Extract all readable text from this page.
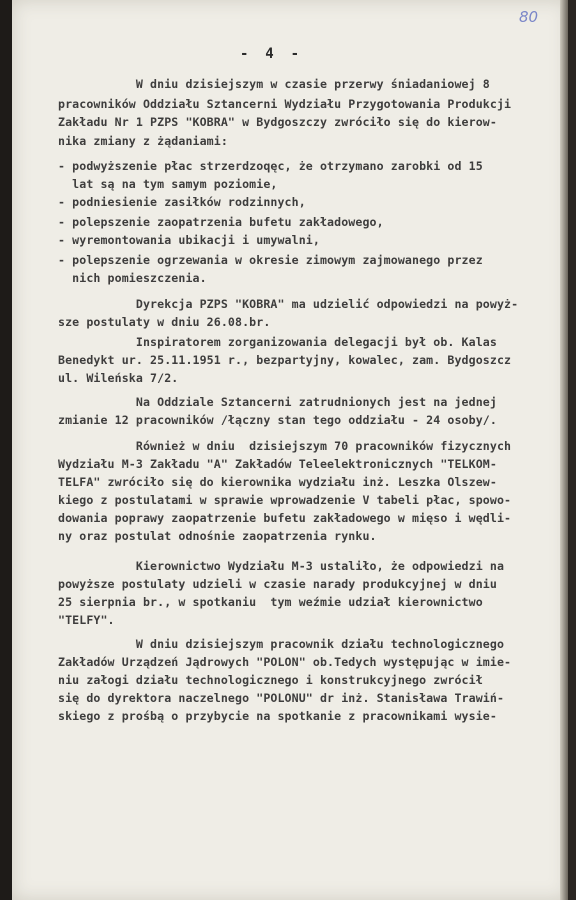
80
-  4  -
W dniu dzisiejszym w czasie przerwy śniadaniowej 8
pracowników Oddziału Sztancerni Wydziału Przygotowania Produkcji
Zakładu Nr 1 PZPS "KOBRA" w Bydgoszczy zwróciło się do kierow-
nika zmiany z żądaniami:
- podwyższenie płac strzerdzoqęc, że otrzymano zarobki od 15
lat są na tym samym poziomie,
- podniesienie zasiłków rodzinnych,
- polepszenie zaopatrzenia bufetu zakładowego,
- wyremontowania ubikacji i umywalni,
- polepszenie ogrzewania w okresie zimowym zajmowanego przez
nich pomieszczenia.
Dyrekcja PZPS "KOBRA" ma udzielić odpowiedzi na powyż-
sze postulaty w dniu 26.08.br.
Inspiratorem zorganizowania delegacji był ob. Kalas
Benedykt ur. 25.11.1951 r., bezpartyjny, kowalec, zam. Bydgoszcz
ul. Wileńska 7/2.
Na Oddziale Sztancerni zatrudnionych jest na jednej
zmianie 12 pracowników /łączny stan tego oddziału - 24 osoby/.
Również w dniu  dzisiejszym 70 pracowników fizycznych
Wydziału M-3 Zakładu "A" Zakładów Teleelektronicznych "TELKOM-
TELFA" zwróciło się do kierownika wydziału inż. Leszka Olszew-
kiego z postulatami w sprawie wprowadzenie V tabeli płac, spowo-
dowania poprawy zaopatrzenie bufetu zakładowego w mięso i wędli-
ny oraz postulat odnośnie zaopatrzenia rynku.
Kierownictwo Wydziału M-3 ustaliło, że odpowiedzi na
powyższe postulaty udzieli w czasie narady produkcyjnej w dniu
25 sierpnia br., w spotkaniu  tym weźmie udział kierownictwo
"TELFY".
W dniu dzisiejszym pracownik działu technologicznego
Zakładów Urządzeń Jądrowych "POLON" ob.Tedych występując w imie-
niu załogi działu technologicznego i konstrukcyjnego zwrócił
się do dyrektora naczelnego "POLONU" dr inż. Stanisława Trawiń-
skiego z prośbą o przybycie na spotkanie z pracownikami wysie-
